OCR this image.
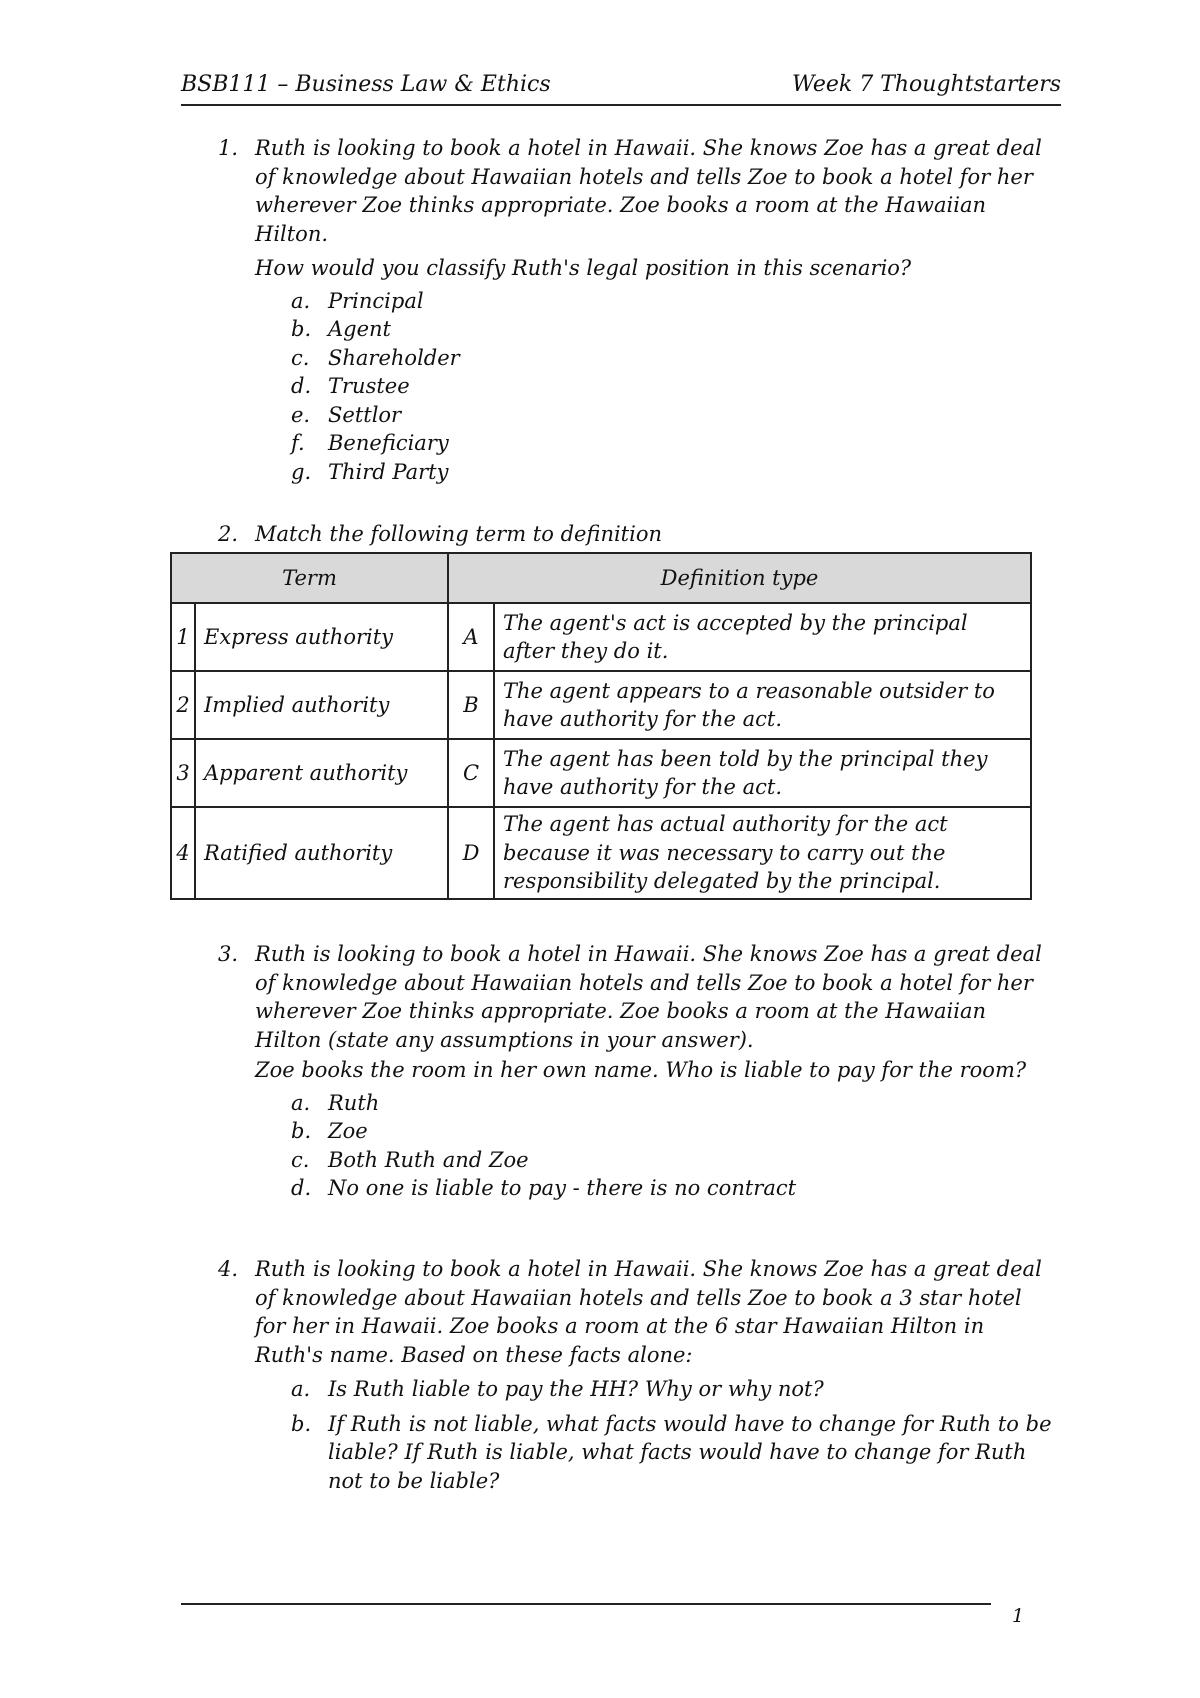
BSB111 – Business Law & Ethics	Week 7 Thoughtstarters
1. Ruth is looking to book a hotel in Hawaii. She knows Zoe has a great deal of knowledge about Hawaiian hotels and tells Zoe to book a hotel for her wherever Zoe thinks appropriate. Zoe books a room at the Hawaiian Hilton.

How would you classify Ruth's legal position in this scenario?

a. Principal
b. Agent
c. Shareholder
d. Trustee
e. Settlor
f. Beneficiary
g. Third Party
2. Match the following term to definition

Term		Definition type	
1	Express authority	A	The agent's act is accepted by the principal after they do it.
2	Implied authority	B	The agent appears to a reasonable outsider to have authority for the act.
3	Apparent authority	C	The agent has been told by the principal they have authority for the act.
4	Ratified authority	D	The agent has actual authority for the act because it was necessary to carry out the responsibility delegated by the principal.
3. Ruth is looking to book a hotel in Hawaii. She knows Zoe has a great deal of knowledge about Hawaiian hotels and tells Zoe to book a hotel for her wherever Zoe thinks appropriate. Zoe books a room at the Hawaiian Hilton (state any assumptions in your answer).

Zoe books the room in her own name. Who is liable to pay for the room?

a. Ruth
b. Zoe
c. Both Ruth and Zoe
d. No one is liable to pay - there is no contract
4. Ruth is looking to book a hotel in Hawaii. She knows Zoe has a great deal of knowledge about Hawaiian hotels and tells Zoe to book a 3 star hotel for her in Hawaii. Zoe books a room at the 6 star Hawaiian Hilton in Ruth's name. Based on these facts alone:

a. Is Ruth liable to pay the HH? Why or why not?
b. If Ruth is not liable, what facts would have to change for Ruth to be liable? If Ruth is liable, what facts would have to change for Ruth not to be liable?
1
